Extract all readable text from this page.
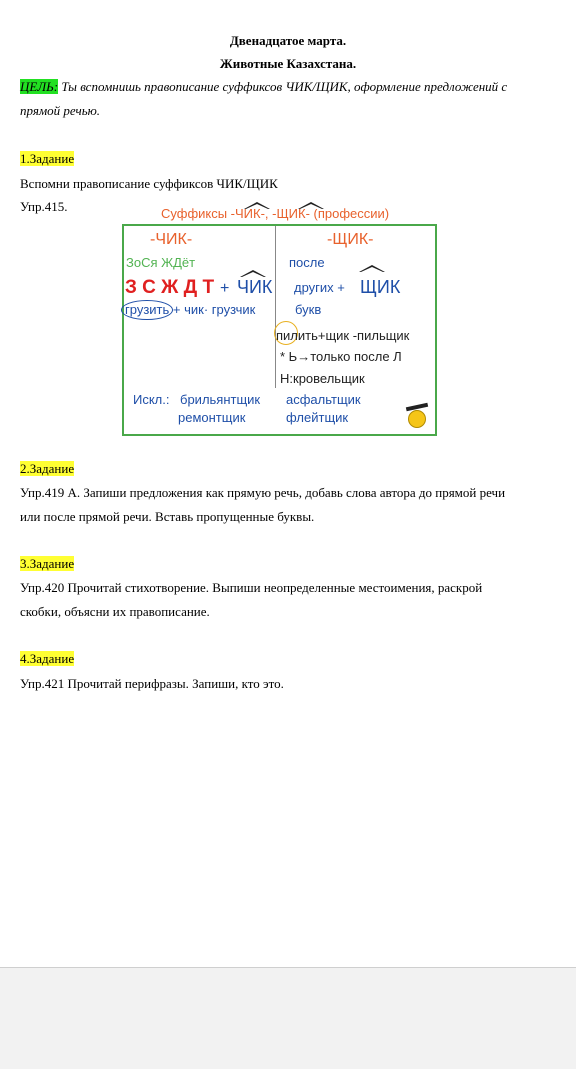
Двенадцатое марта.
Животные Казахстана.
ЦЕЛЬ: Ты вспомнишь правописание суффиксов ЧИК/ЩИК, оформление предложений с
прямой речью.
1.Задание
Вспомни правописание суффиксов ЧИК/ЩИК
Упр.415.	Суффиксы -ЧИК-, -ЩИК- (профессии)
-ЧИК-
ЗоСя ЖДёт
З С Ж Д Т + ЧИК
грузить + чик· грузчик
-ЩИК-
после
других + ЩИК
букв
пилить+щик -пильщик
* Ь→только после Л
Н:кровельщик
Искл.: брильянтщик асфальтщик
ремонтщик	флейтщик
2.Задание
Упр.419 А. Запиши предложения как прямую речь, добавь слова автора до прямой речи
или после прямой речи. Вставь пропущенные буквы.
3.Задание
Упр.420 Прочитай стихотворение. Выпиши неопределенные местоимения, раскрой
скобки, объясни их правописание.
4.Задание
Упр.421 Прочитай перифразы. Запиши, кто это.
